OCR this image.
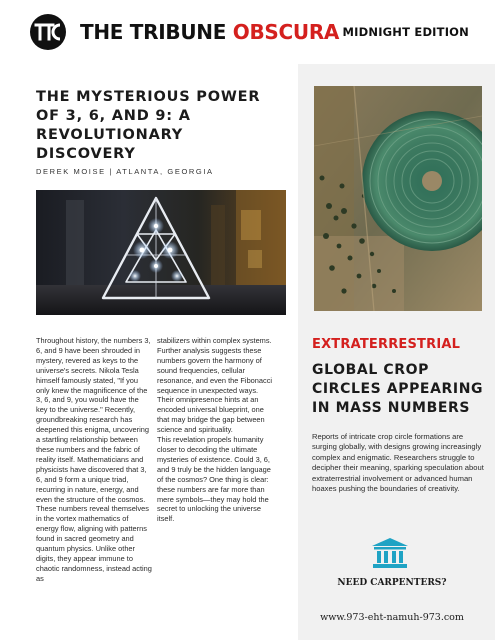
THE TRIBUNE OBSCURA MIDNIGHT EDITION
THE MYSTERIOUS POWER OF 3, 6, AND 9: A REVOLUTIONARY DISCOVERY
DEREK MOISE | ATLANTA, GEORGIA

Throughout history, the numbers 3, 6, and 9 have been shrouded in mystery, revered as keys to the universe's secrets. Nikola Tesla himself famously stated, "If you only knew the magnificence of the 3, 6, and 9, you would have the key to the universe." Recently, groundbreaking research has deepened this enigma, uncovering a startling relationship between these numbers and the fabric of reality itself. Mathematicians and physicists have discovered that 3, 6, and 9 form a unique triad, recurring in nature, energy, and even the structure of the cosmos. These numbers reveal themselves in the vortex mathematics of energy flow, aligning with patterns found in sacred geometry and quantum physics. Unlike other digits, they appear immune to chaotic randomness, instead acting as

stabilizers within complex systems.

Further analysis suggests these numbers govern the harmony of sound frequencies, cellular resonance, and even the Fibonacci sequence in unexpected ways. Their omnipresence hints at an encoded universal blueprint, one that may bridge the gap between science and spirituality.

This revelation propels humanity closer to decoding the ultimate mysteries of existence. Could 3, 6, and 9 truly be the hidden language of the cosmos? One thing is clear: these numbers are far more than mere symbols—they may hold the secret to unlocking the universe itself.

EXTRATERRESTRIAL
GLOBAL CROP CIRCLES APPEARING IN MASS NUMBERS

Reports of intricate crop circle formations are surging globally, with designs growing increasingly complex and enigmatic. Researchers struggle to decipher their meaning, sparking speculation about extraterrestrial involvement or advanced human hoaxes pushing the boundaries of creativity.

NEED CARPENTERS?
www.973-eht-namuh-973.com
